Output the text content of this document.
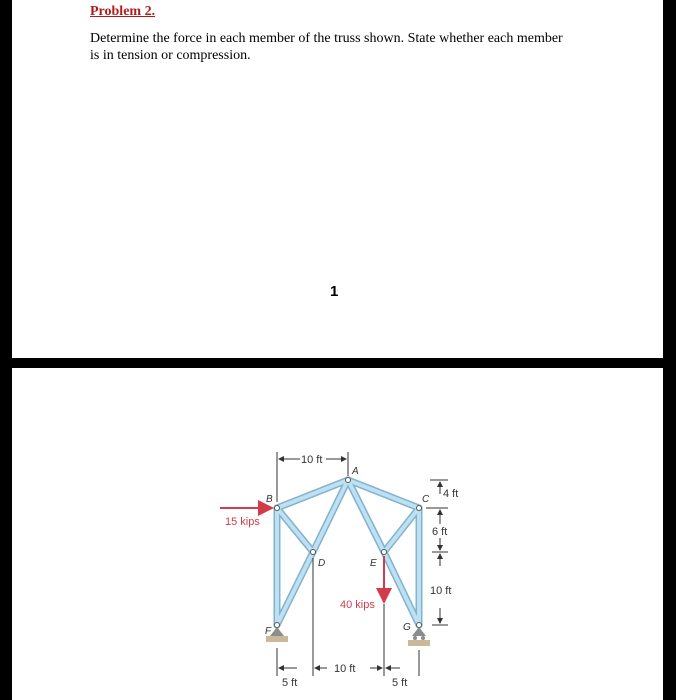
Problem 2.

Determine the force in each member of the truss shown. State whether each member is in tension or compression.

1
A
B	C
D	E
F	G
15 kips
40 kips
10 ft
4 ft
6 ft
10 ft
5 ft
10 ft
5 ft
